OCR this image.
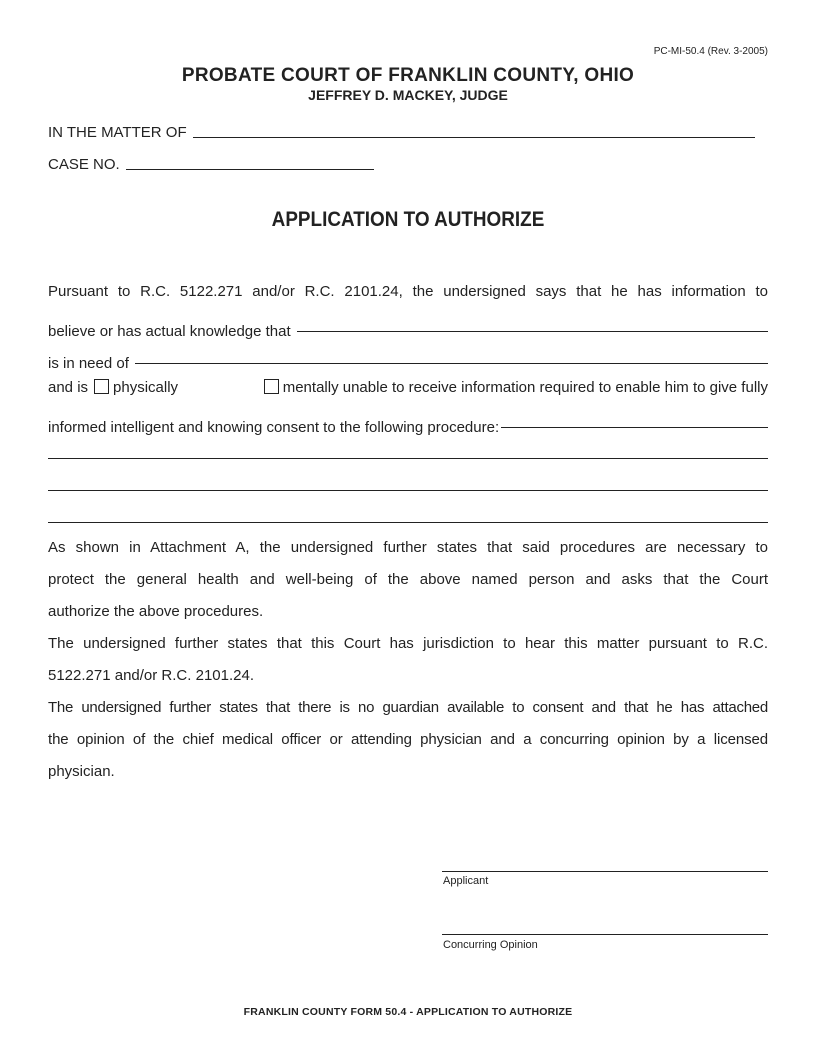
PC-MI-50.4 (Rev. 3-2005)
PROBATE COURT OF FRANKLIN COUNTY, OHIO
JEFFREY D. MACKEY, JUDGE
IN THE MATTER OF
CASE NO.
APPLICATION TO AUTHORIZE
Pursuant to R.C. 5122.271 and/or R.C. 2101.24, the undersigned says that he has information to
believe or has actual knowledge that
is in need of
and is physically	mentally unable to receive information required to enable him to give fully
informed intelligent and knowing consent to the following procedure:
As shown in Attachment A, the undersigned further states that said procedures are necessary to
protect the general health and well-being of the above named person and asks that the Court
authorize the above procedures.
The undersigned further states that this Court has jurisdiction to hear this matter pursuant to R.C.
5122.271 and/or R.C. 2101.24.
The undersigned further states that there is no guardian available to consent and that he has attached
the opinion of the chief medical officer or attending physician and a concurring opinion by a licensed
physician.
Applicant
Concurring Opinion
FRANKLIN COUNTY FORM 50.4 - APPLICATION TO AUTHORIZE
